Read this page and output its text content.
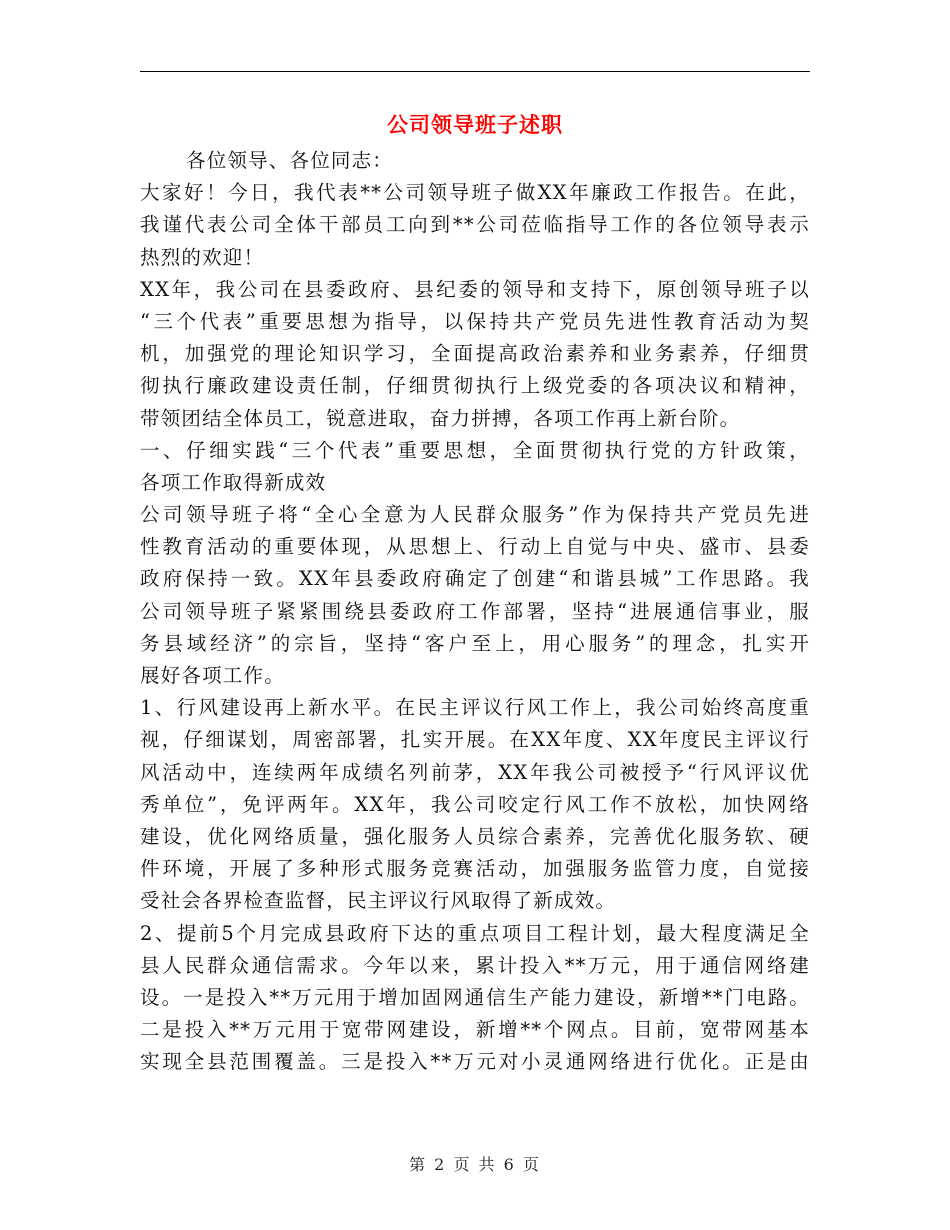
公司领导班子述职
各位领导、各位同志：
大家好！今日，我代表**公司领导班子做XX年廉政工作报告。在此，
我谨代表公司全体干部员工向到**公司莅临指导工作的各位领导表示
热烈的欢迎！
XX年，我公司在县委政府、县纪委的领导和支持下，原创领导班子以
“三个代表”重要思想为指导，以保持共产党员先进性教育活动为契
机，加强党的理论知识学习，全面提高政治素养和业务素养，仔细贯
彻执行廉政建设责任制，仔细贯彻执行上级党委的各项决议和精神，
带领团结全体员工，锐意进取，奋力拼搏，各项工作再上新台阶。
一、仔细实践“三个代表”重要思想，全面贯彻执行党的方针政策，
各项工作取得新成效
公司领导班子将“全心全意为人民群众服务”作为保持共产党员先进
性教育活动的重要体现，从思想上、行动上自觉与中央、盛市、县委
政府保持一致。XX年县委政府确定了创建“和谐县城”工作思路。我
公司领导班子紧紧围绕县委政府工作部署，坚持“进展通信事业，服
务县域经济”的宗旨，坚持“客户至上，用心服务”的理念，扎实开
展好各项工作。
1、行风建设再上新水平。在民主评议行风工作上，我公司始终高度重
视，仔细谋划，周密部署，扎实开展。在XX年度、XX年度民主评议行
风活动中，连续两年成绩名列前茅，XX年我公司被授予“行风评议优
秀单位”，免评两年。XX年，我公司咬定行风工作不放松，加快网络
建设，优化网络质量，强化服务人员综合素养，完善优化服务软、硬
件环境，开展了多种形式服务竞赛活动，加强服务监管力度，自觉接
受社会各界检查监督，民主评议行风取得了新成效。
2、提前5个月完成县政府下达的重点项目工程计划，最大程度满足全
县人民群众通信需求。今年以来，累计投入**万元，用于通信网络建
设。一是投入**万元用于增加固网通信生产能力建设，新增**门电路。
二是投入**万元用于宽带网建设，新增**个网点。目前，宽带网基本
实现全县范围覆盖。三是投入**万元对小灵通网络进行优化。正是由
第 2 页 共 6 页
